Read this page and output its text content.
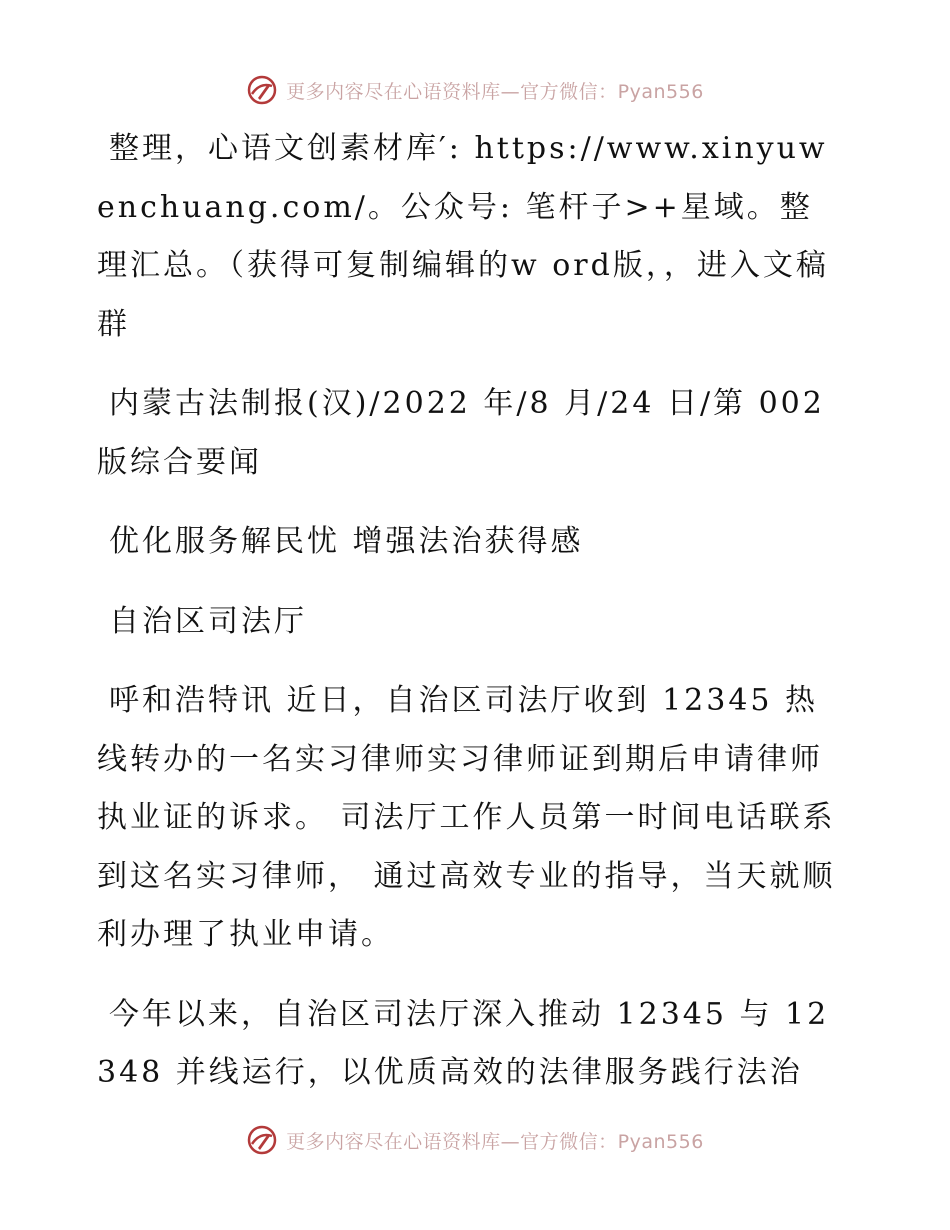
更多内容尽在心语资料库—官方微信：Pyan556

整理，心语文创素材库′: https://www.xinyuwenchuang.com/。公众号: 笔杆子>+星域。整理汇总。（获得可复制编辑的w ord版，，进入文稿群

内蒙古法制报(汉)/2022 年/8 月/24 日/第 002 版综合要闻

优化服务解民忧 增强法治获得感

自治区司法厅

呼和浩特讯 近日，自治区司法厅收到 12345 热线转办的一名实习律师实习律师证到期后申请律师执业证的诉求。 司法厅工作人员第一时间电话联系到这名实习律师， 通过高效专业的指导，当天就顺利办理了执业申请。

今年以来，自治区司法厅深入推动 12345 与 12348 并线运行，以优质高效的法律服务践行法治

更多内容尽在心语资料库—官方微信：Pyan556
